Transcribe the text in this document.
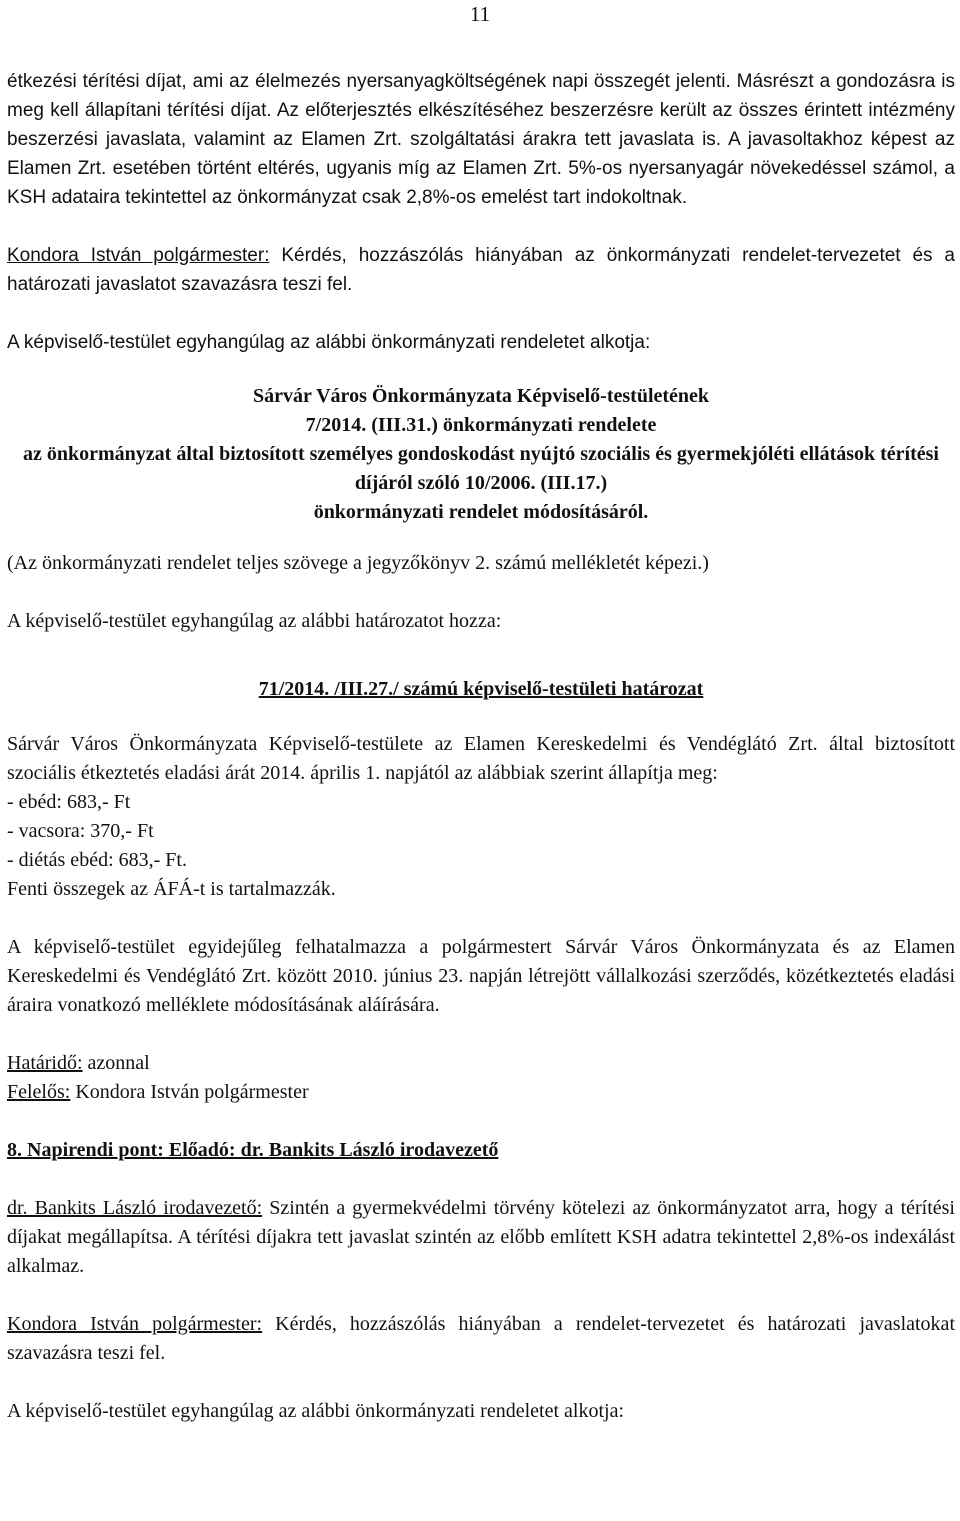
11

étkezési térítési díjat, ami az élelmezés nyersanyagköltségének napi összegét jelenti. Másrészt a gondozásra is meg kell állapítani térítési díjat. Az előterjesztés elkészítéséhez beszerzésre került az összes érintett intézmény beszerzési javaslata, valamint az Elamen Zrt. szolgáltatási árakra tett javaslata is. A javasoltakhoz képest az Elamen Zrt. esetében történt eltérés, ugyanis míg az Elamen Zrt. 5%-os nyersanyagár növekedéssel számol, a KSH adataira tekintettel az önkormányzat csak 2,8%-os emelést tart indokoltnak.

Kondora István polgármester: Kérdés, hozzászólás hiányában az önkormányzati rendelet-tervezetet és a határozati javaslatot szavazásra teszi fel.

A képviselő-testület egyhangúlag az alábbi önkormányzati rendeletet alkotja:

Sárvár Város Önkormányzata Képviselő-testületének
7/2014. (III.31.) önkormányzati rendelete
az önkormányzat által biztosított személyes gondoskodást nyújtó szociális és gyermekjóléti ellátások térítési díjáról szóló 10/2006. (III.17.)
önkormányzati rendelet módosításáról.

(Az önkormányzati rendelet teljes szövege a jegyzőkönyv 2. számú mellékletét képezi.)

A képviselő-testület egyhangúlag az alábbi határozatot hozza:

71/2014. /III.27./ számú képviselő-testületi határozat

Sárvár Város Önkormányzata Képviselő-testülete az Elamen Kereskedelmi és Vendéglátó Zrt. által biztosított szociális étkeztetés eladási árát 2014. április 1. napjától az alábbiak szerint állapítja meg:

- ebéd: 683,- Ft
- vacsora: 370,- Ft
- diétás ebéd: 683,- Ft.
Fenti összegek az ÁFÁ-t is tartalmazzák.

A képviselő-testület egyidejűleg felhatalmazza a polgármestert Sárvár Város Önkormányzata és az Elamen Kereskedelmi és Vendéglátó Zrt. között 2010. június 23. napján létrejött vállalkozási szerződés, közétkeztetés eladási áraira vonatkozó melléklete módosításának aláírására.

Határidő: azonnal

Felelős: Kondora István polgármester

8. Napirendi pont: Előadó: dr. Bankits László irodavezető

dr. Bankits László irodavezető: Szintén a gyermekvédelmi törvény kötelezi az önkormányzatot arra, hogy a térítési díjakat megállapítsa. A térítési díjakra tett javaslat szintén az előbb említett KSH adatra tekintettel 2,8%-os indexálást alkalmaz.

Kondora István polgármester: Kérdés, hozzászólás hiányában a rendelet-tervezetet és határozati javaslatokat szavazásra teszi fel.

A képviselő-testület egyhangúlag az alábbi önkormányzati rendeletet alkotja:
